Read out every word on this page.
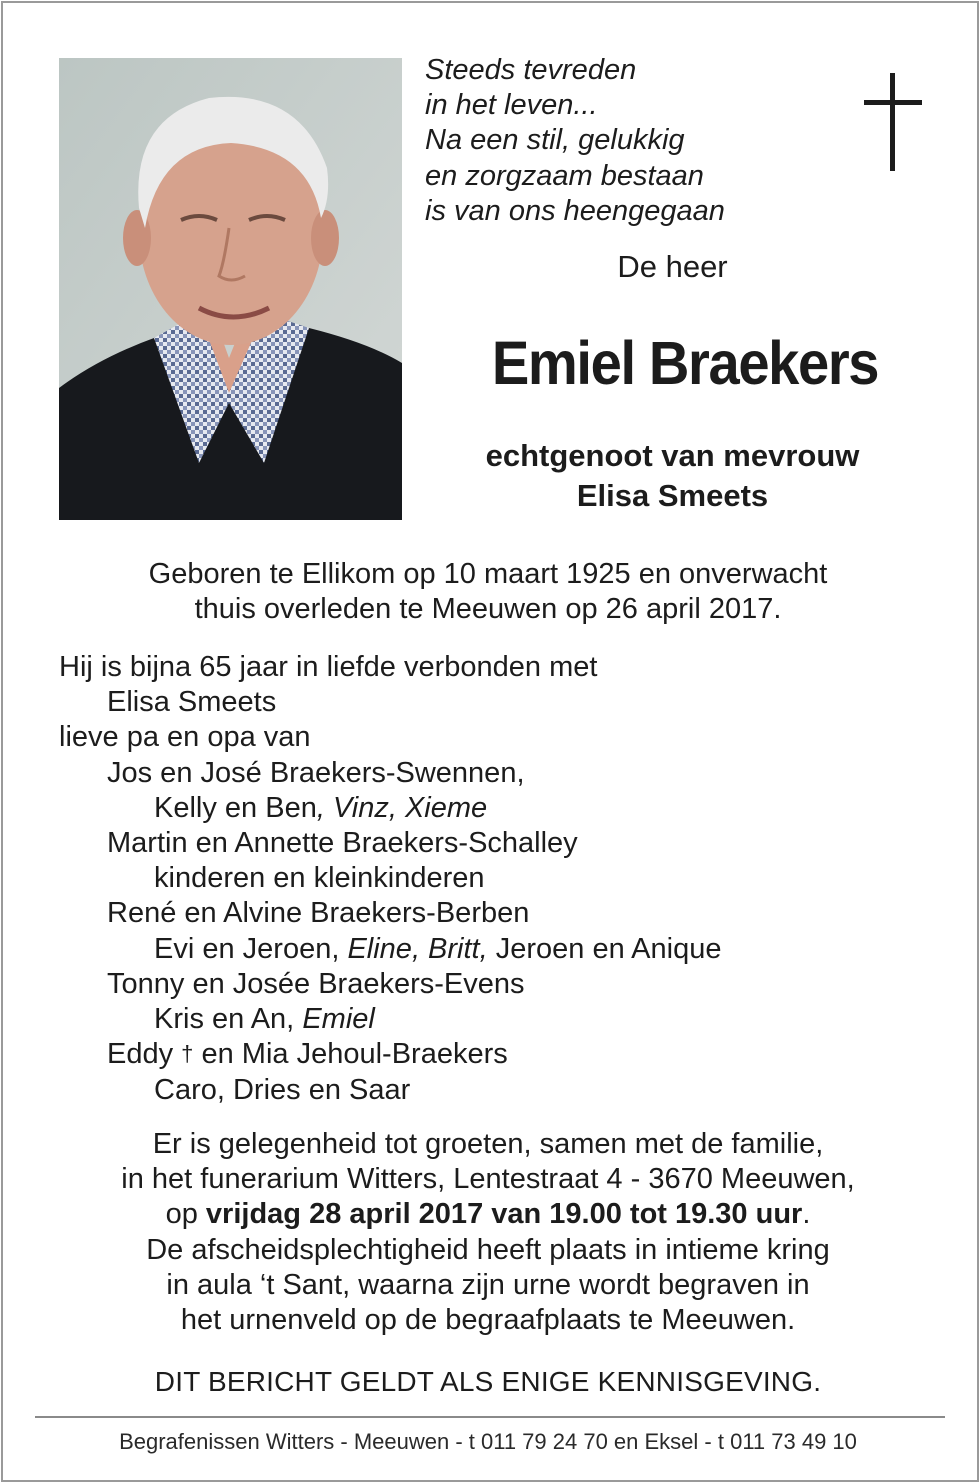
Steeds tevreden
in het leven...
Na een stil, gelukkig
en zorgzaam bestaan
is van ons heengegaan
De heer
Emiel Braekers
echtgenoot van mevrouw
Elisa Smeets
Geboren te Ellikom op 10 maart 1925 en onverwacht
thuis overleden te Meeuwen op 26 april 2017.
Hij is bijna 65 jaar in liefde verbonden met
Elisa Smeets
lieve pa en opa van
Jos en José Braekers-Swennen,
Kelly en Ben, Vinz, Xieme
Martin en Annette Braekers-Schalley
kinderen en kleinkinderen
René en Alvine Braekers-Berben
Evi en Jeroen, Eline, Britt, Jeroen en Anique
Tonny en Josée Braekers-Evens
Kris en An, Emiel
Eddy † en Mia Jehoul-Braekers
Caro, Dries en Saar
Er is gelegenheid tot groeten, samen met de familie,
in het funerarium Witters, Lentestraat 4 - 3670 Meeuwen,
op vrijdag 28 april 2017 van 19.00 tot 19.30 uur.
De afscheidsplechtigheid heeft plaats in intieme kring
in aula ‘t Sant, waarna zijn urne wordt begraven in
het urnenveld op de begraafplaats te Meeuwen.
DIT BERICHT GELDT ALS ENIGE KENNISGEVING.
Begrafenissen Witters - Meeuwen - t 011 79 24 70 en Eksel - t 011 73 49 10
